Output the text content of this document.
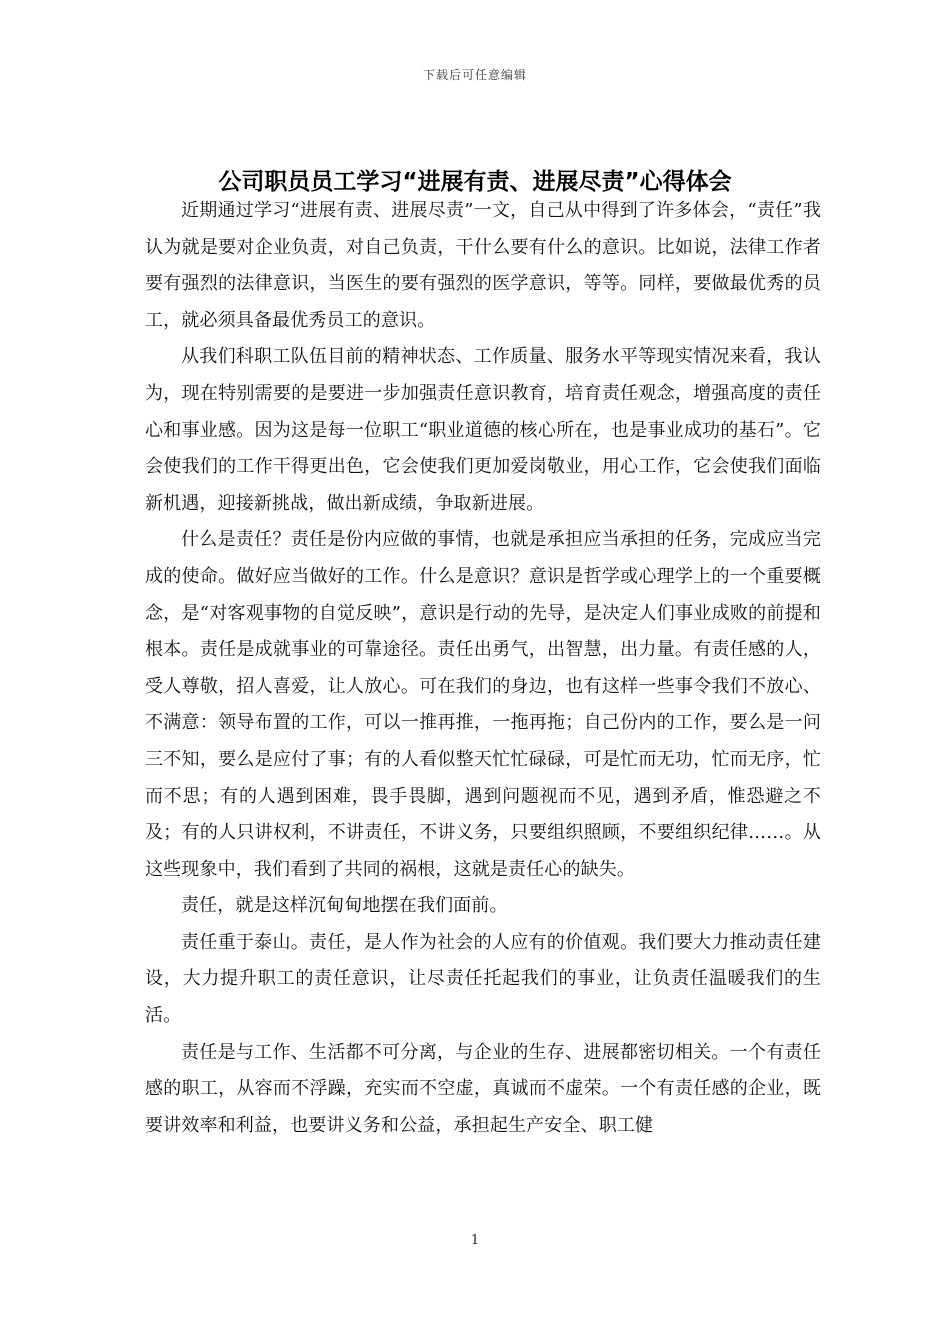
下载后可任意编辑
公司职员员工学习“进展有责、进展尽责”心得体会

近期通过学习“进展有责、进展尽责”一文，自己从中得到了许多体会，“责任”我认为就是要对企业负责，对自己负责，干什么要有什么的意识。比如说，法律工作者要有强烈的法律意识，当医生的要有强烈的医学意识，等等。同样，要做最优秀的员工，就必须具备最优秀员工的意识。

从我们科职工队伍目前的精神状态、工作质量、服务水平等现实情况来看，我认为，现在特别需要的是要进一步加强责任意识教育，培育责任观念，增强高度的责任心和事业感。因为这是每一位职工“职业道德的核心所在，也是事业成功的基石”。它会使我们的工作干得更出色，它会使我们更加爱岗敬业，用心工作，它会使我们面临新机遇，迎接新挑战，做出新成绩，争取新进展。

什么是责任？责任是份内应做的事情，也就是承担应当承担的任务，完成应当完成的使命。做好应当做好的工作。什么是意识？意识是哲学或心理学上的一个重要概念，是“对客观事物的自觉反映”，意识是行动的先导，是决定人们事业成败的前提和根本。责任是成就事业的可靠途径。责任出勇气，出智慧，出力量。有责任感的人，受人尊敬，招人喜爱，让人放心。可在我们的身边，也有这样一些事令我们不放心、不满意：领导布置的工作，可以一推再推，一拖再拖；自己份内的工作，要么是一问三不知，要么是应付了事；有的人看似整天忙忙碌碌，可是忙而无功，忙而无序，忙而不思；有的人遇到困难，畏手畏脚，遇到问题视而不见，遇到矛盾，惟恐避之不及；有的人只讲权利，不讲责任，不讲义务，只要组织照顾，不要组织纪律……。从这些现象中，我们看到了共同的祸根，这就是责任心的缺失。

责任，就是这样沉甸甸地摆在我们面前。

责任重于泰山。责任，是人作为社会的人应有的价值观。我们要大力推动责任建设，大力提升职工的责任意识，让尽责任托起我们的事业，让负责任温暖我们的生活。

责任是与工作、生活都不可分离，与企业的生存、进展都密切相关。一个有责任感的职工，从容而不浮躁，充实而不空虚，真诚而不虚荣。一个有责任感的企业，既要讲效率和利益，也要讲义务和公益，承担起生产安全、职工健

1
